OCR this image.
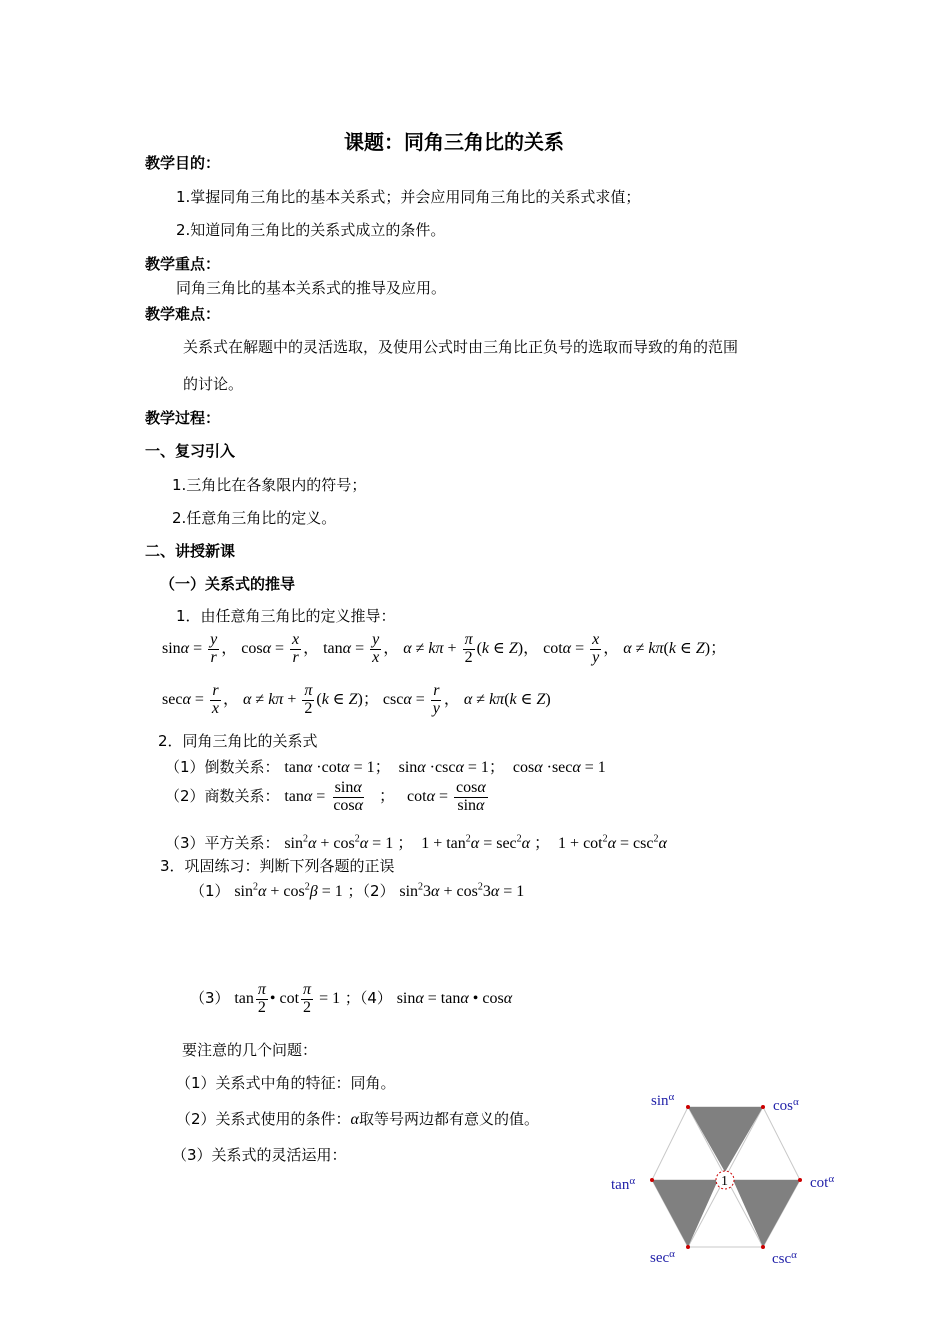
课题：同角三角比的关系
教学目的：
1.掌握同角三角比的基本关系式；并会应用同角三角比的关系式求值；
2.知道同角三角比的关系式成立的条件。
教学重点：
同角三角比的基本关系式的推导及应用。
教学难点：
关系式在解题中的灵活选取，及使用公式时由三角比正负号的选取而导致的角的范围
的讨论。
教学过程：
一、复习引入
1.三角比在各象限内的符号；
2.任意角三角比的定义。
二、讲授新课
（一）关系式的推导
1．由任意角三角比的定义推导：
$\sin\alpha = \frac{y}{r}$ ， $\cos\alpha = \frac{x}{r}$ ， $\tan\alpha = \frac{y}{x}$ ， $\alpha \ne k\pi + \frac{\pi}{2} (k$ ∈ Z)， $\cot\alpha = \frac{x}{y}$ ， α ≠ kπ(k ∈ Z)；
$\sec\alpha = \frac{r}{x}$ ， $\alpha \ne k\pi + \frac{\pi}{2} (k$ ∈ Z)； $\csc\alpha = \frac{r}{y}$ ， α ≠ kπ(k ∈ Z)
2．同角三角比的关系式
（1）倒数关系： tanα ·cotα = 1；  sinα ·cscα = 1；  cosα ·secα = 1
（2）商数关系： $\tan\alpha = \frac{\sin\alpha}{\cos\alpha}$ ；   $\cot\alpha = \frac{\cos\alpha}{\sin\alpha}$
（3）平方关系： $\sin^2\alpha + \cos^2\alpha = 1$ ；  $1 + \tan^2\alpha = \sec^2\alpha$ ；  $1 + \cot^2\alpha = \csc^2\alpha$
3．巩固练习：判断下列各题的正误
（1） $\sin^2\alpha + \cos^2\beta = 1$ ；（2） $\sin^23\alpha + \cos^23\alpha = 1$
（3） $\tan \frac{\pi}{2}$ • $\cot \frac{\pi}{2} = 1$ ；（4） sinα = tanα • cosα
要注意的几个问题：
（1）关系式中角的特征：同角。
（2）关系式使用的条件：α取等号两边都有意义的值。
（3）关系式的灵活运用：
1
$\sin^\alpha$
$\cos^\alpha$
$\tan^\alpha$	$\cot^\alpha$
$\sec^\alpha$	$\csc^\alpha$
